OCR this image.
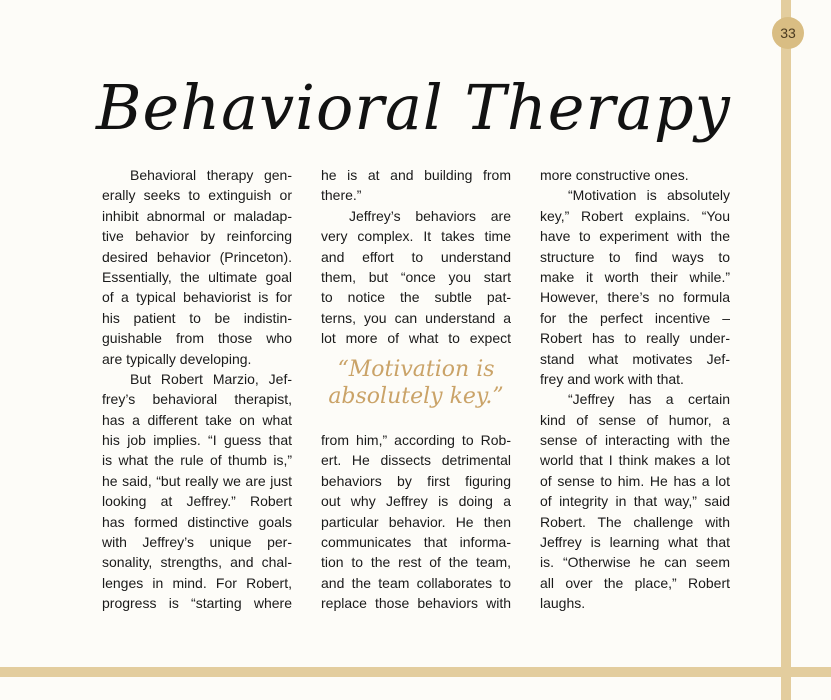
33
Behavioral Therapy
Behavioral therapy gen-
erally seeks to extinguish or
inhibit abnormal or maladap-
tive behavior by reinforcing
desired behavior (Princeton).
Essentially, the ultimate goal
of a typical behaviorist is for
his patient to be indistin-
guishable from those who
are typically developing.
But Robert Marzio, Jef-
frey’s behavioral therapist,
has a different take on what
his job implies. “I guess that
is what the rule of thumb is,”
he said, “but really we are just
looking at Jeffrey.” Robert
has formed distinctive goals
with Jeffrey’s unique per-
sonality, strengths, and chal-
lenges in mind. For Robert,
progress is “starting where
he is at and building from
there.”
Jeffrey’s behaviors are
very complex. It takes time
and effort to understand
them, but “once you start
to notice the subtle pat-
terns, you can understand a
lot more of what to expect

“Motivation is
absolutely key.”

from him,” according to Rob-
ert. He dissects detrimental
behaviors by first figuring
out why Jeffrey is doing a
particular behavior. He then
communicates that informa-
tion to the rest of the team,
and the team collaborates to
replace those behaviors with
more constructive ones.
“Motivation is absolutely
key,” Robert explains. “You
have to experiment with the
structure to find ways to
make it worth their while.”
However, there’s no formula
for the perfect incentive –
Robert has to really under-
stand what motivates Jef-
frey and work with that.
“Jeffrey has a certain
kind of sense of humor, a
sense of interacting with the
world that I think makes a lot
of sense to him. He has a lot
of integrity in that way,” said
Robert. The challenge with
Jeffrey is learning what that
is. “Otherwise he can seem
all over the place,” Robert
laughs.
